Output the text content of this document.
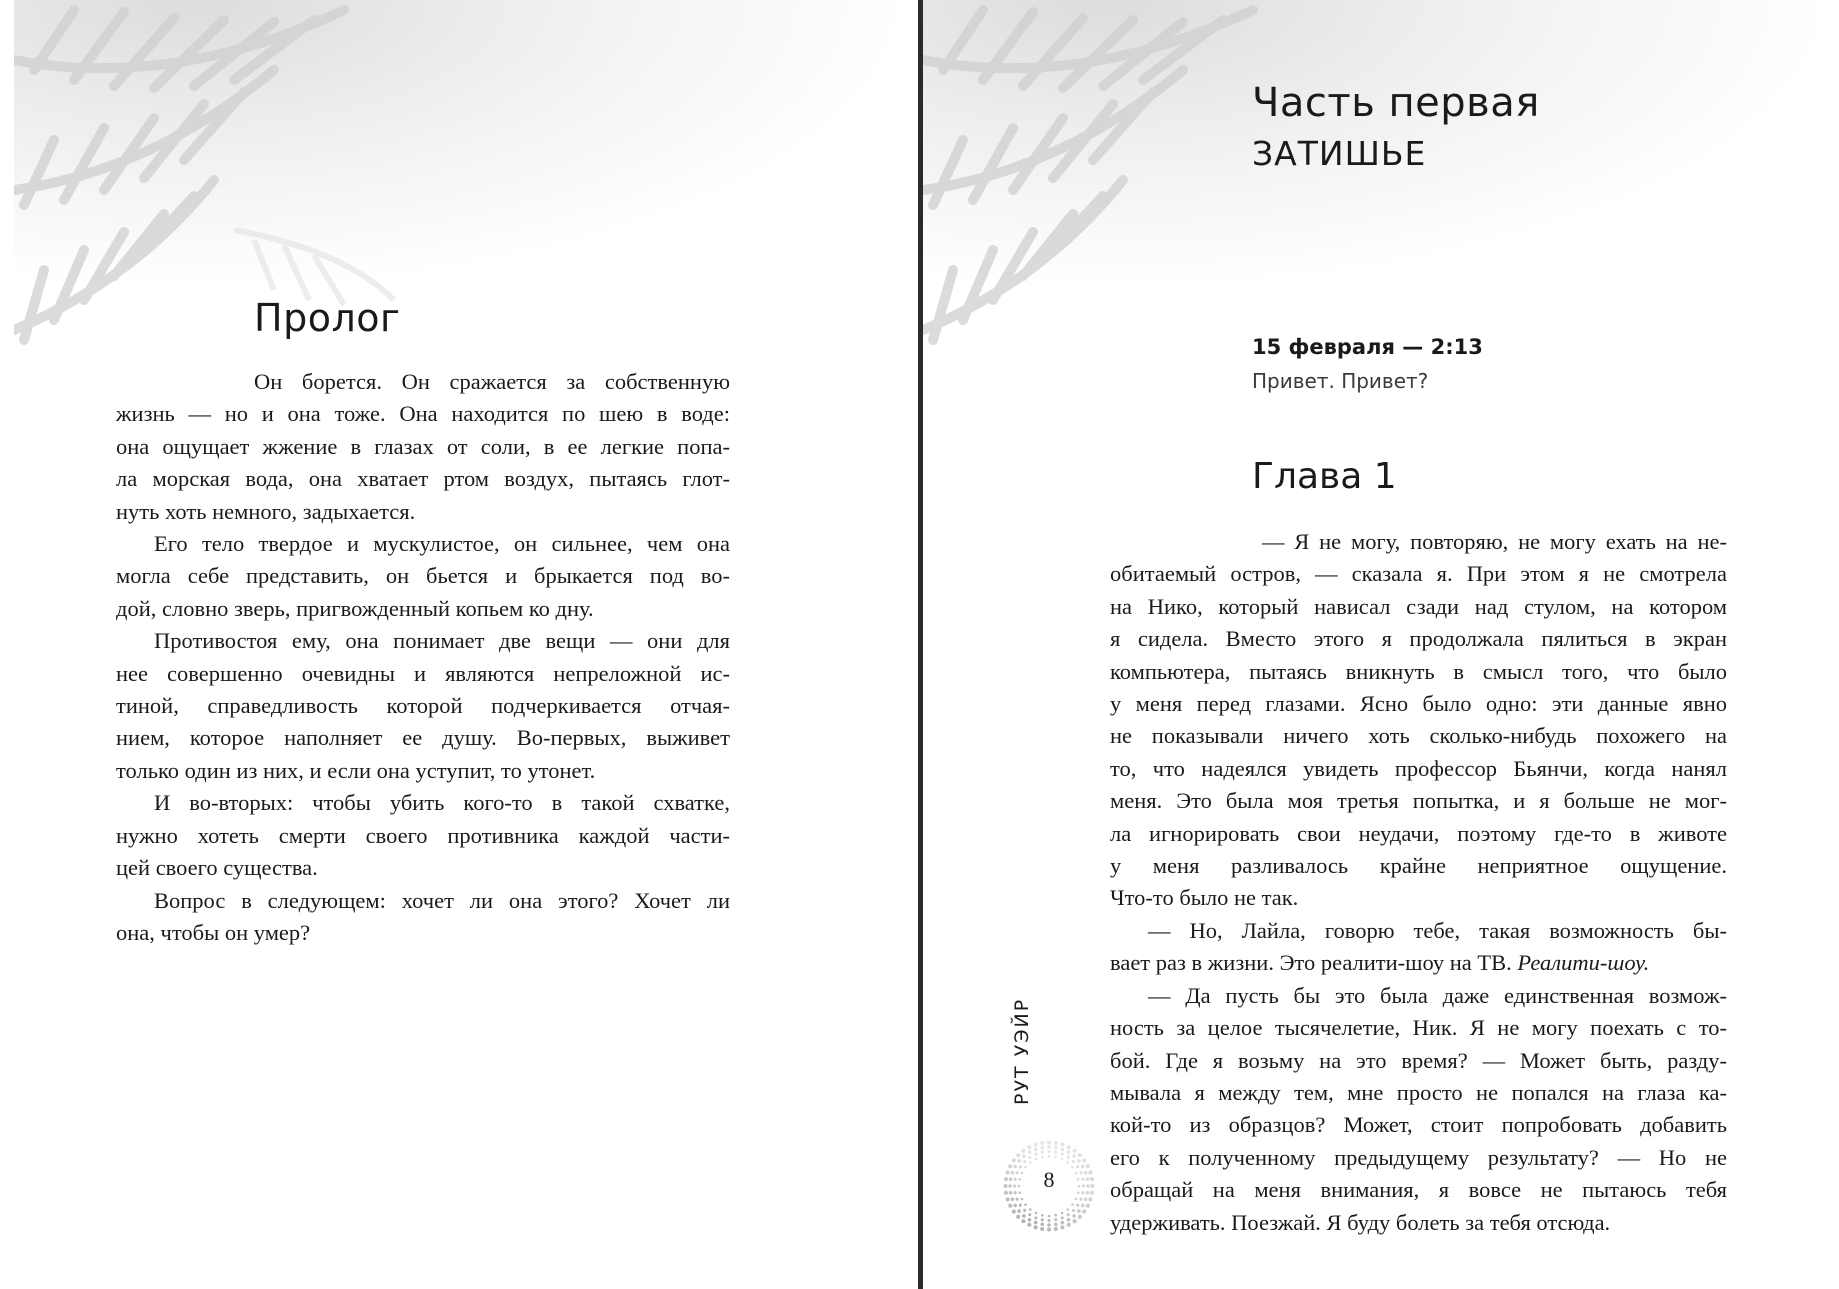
Пролог
Он борется. Он сражается за собственную
жизнь — но и она тоже. Она находится по шею в воде:
она ощущает жжение в глазах от соли, в ее легкие попа-
ла морская вода, она хватает ртом воздух, пытаясь глот-
нуть хоть немного, задыхается.
Его тело твердое и мускулистое, он сильнее, чем она
могла себе представить, он бьется и брыкается под во-
дой, словно зверь, пригвожденный копьем ко дну.
Противостоя ему, она понимает две вещи — они для
нее совершенно очевидны и являются непреложной ис-
тиной, справедливость которой подчеркивается отчая-
нием, которое наполняет ее душу. Во-первых, выживет
только один из них, и если она уступит, то утонет.
И во-вторых: чтобы убить кого-то в такой схватке,
нужно хотеть смерти своего противника каждой части-
цей своего существа.
Вопрос в следующем: хочет ли она этого? Хочет ли
она, чтобы он умер?
Часть первая
ЗАТИШЬЕ
15 февраля — 2:13
Привет. Привет?
Глава 1
— Я не могу, повторяю, не могу ехать на не-
обитаемый остров, — сказала я. При этом я не смотрела
на Нико, который нависал сзади над стулом, на котором
я сидела. Вместо этого я продолжала пялиться в экран
компьютера, пытаясь вникнуть в смысл того, что было
у меня перед глазами. Ясно было одно: эти данные явно
не показывали ничего хоть сколько-нибудь похожего на
то, что надеялся увидеть профессор Бьянчи, когда нанял
меня. Это была моя третья попытка, и я больше не мог-
ла игнорировать свои неудачи, поэтому где-то в животе
у меня разливалось крайне неприятное ощущение.
Что-то было не так.
— Но, Лайла, говорю тебе, такая возможность бы-
вает раз в жизни. Это реалити-шоу на ТВ. Реалити-шоу.
— Да пусть бы это была даже единственная возмож-
ность за целое тысячелетие, Ник. Я не могу поехать с то-
бой. Где я возьму на это время? — Может быть, разду-
мывала я между тем, мне просто не попался на глаза ка-
кой-то из образцов? Может, стоит попробовать добавить
его к полученному предыдущему результату? — Но не
обращай на меня внимания, я вовсе не пытаюсь тебя
удерживать. Поезжай. Я буду болеть за тебя отсюда.
РУТ УЭЙР
8
